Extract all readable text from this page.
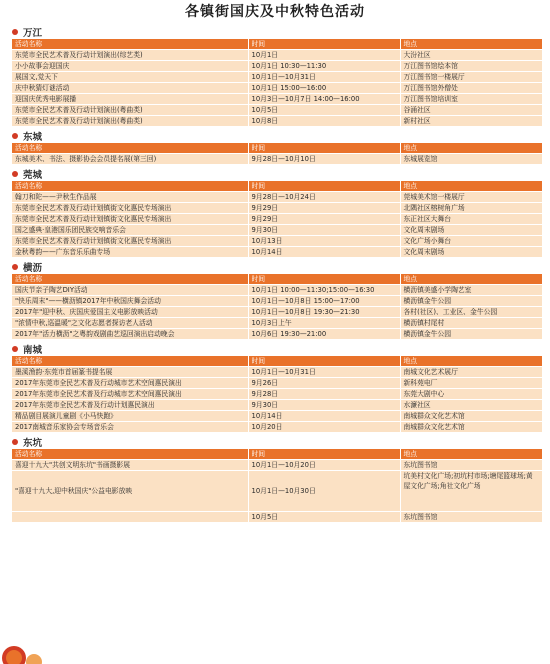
各镇街国庆及中秋特色活动
万江
活动名称	时间	地点
东莞市全民艺术普及行动计划演出(综艺类)	10月1日	大汾社区
小小故事会迎国庆	10月1日 10:30—11:30	万江图书馆绘本馆
展国文,觉天下	10月1日—10月31日	万江图书馆一楼展厅
庆中秋猜灯谜活动	10月1日 15:00—16:00	万江图书馆外僧处
迎国庆优秀电影展播	10月3日—10月7日 14:00—16:00	万江图书馆培训室
东莞市全民艺术普及行动计划演出(粤曲类)	10月5日	谷涌社区
东莞市全民艺术普及行动计划演出(粤曲类)	10月8日	新村社区
东城
活动名称	时间	地点
东城美术、书法、摄影协会会员提名展(第三回)	9月28日—10月10日	东城展览馆
莞城
活动名称	时间	地点
翰刀和陀——尹秋生作品展	9月28日—10月24日	莞城美术馆一楼展厅
东莞市全民艺术普及行动计划镇街文化惠民专场演出	9月29日	北隅社区榕树角广场
东莞市全民艺术普及行动计划镇街文化惠民专场演出	9月29日	东正社区大舞台
国之盛典·皇港国乐团民族交响音乐会	9月30日	文化周末剧场
东莞市全民艺术普及行动计划镇街文化惠民专场演出	10月13日	文化广场小舞台
金秋粤韵——广东音乐乐曲专场	10月14日	文化周末剧场
横沥
活动名称	时间	地点
国庆节亲子陶艺DIY活动	10月1日 10:00—11:30;15:00—16:30	横沥镇美盛小学陶艺室
"快乐周末"——横沥镇2017年中秋国庆舞会活动	10月1日—10月8日 15:00—17:00	横沥镇金牛公园
2017年"迎中秋、庆国庆爱国主义电影放映活动	10月1日—10月8日 19:30—21:30	各村(社区)、工业区、金牛公园
"浓情中秋,巡温暖"之文化志愿者探访老人活动	10月3日上午	横沥镇村尾村
2017年"活力横沥"之粤韵戏剧曲艺巡回演出启动晚会	10月6日 19:30—21:00	横沥镇金牛公园
南城
活动名称	时间	地点
墨溪渔韵·东莞市首届篆书提名展	10月1日—10月31日	南城文化艺术展厅
2017年东莞市全民艺术普及行动城市艺术空间惠民演出	9月26日	新科苑电厂
2017年东莞市全民艺术普及行动城市艺术空间惠民演出	9月28日	东莞大剧中心
2017年东莞市全民艺术普及行动计划惠民演出	9月30日	水濂社区
精品剧目展演儿童剧《小马快跑》	10月14日	南城群众文化艺术馆
2017南城音乐家协会专场音乐会	10月20日	南城群众文化艺术馆
东坑
活动名称	时间	地点
喜迎十九大"共创文明东坑"书画摄影展	10月1日—10月20日	东坑图书馆
"喜迎十九大,迎中秋国庆"公益电影放映	10月1日—10月30日	坑美村文化广场;初坑村市场;塘尾篮球场;黄屋文化广场;角社文化广场
	10月5日	东坑图书馆
